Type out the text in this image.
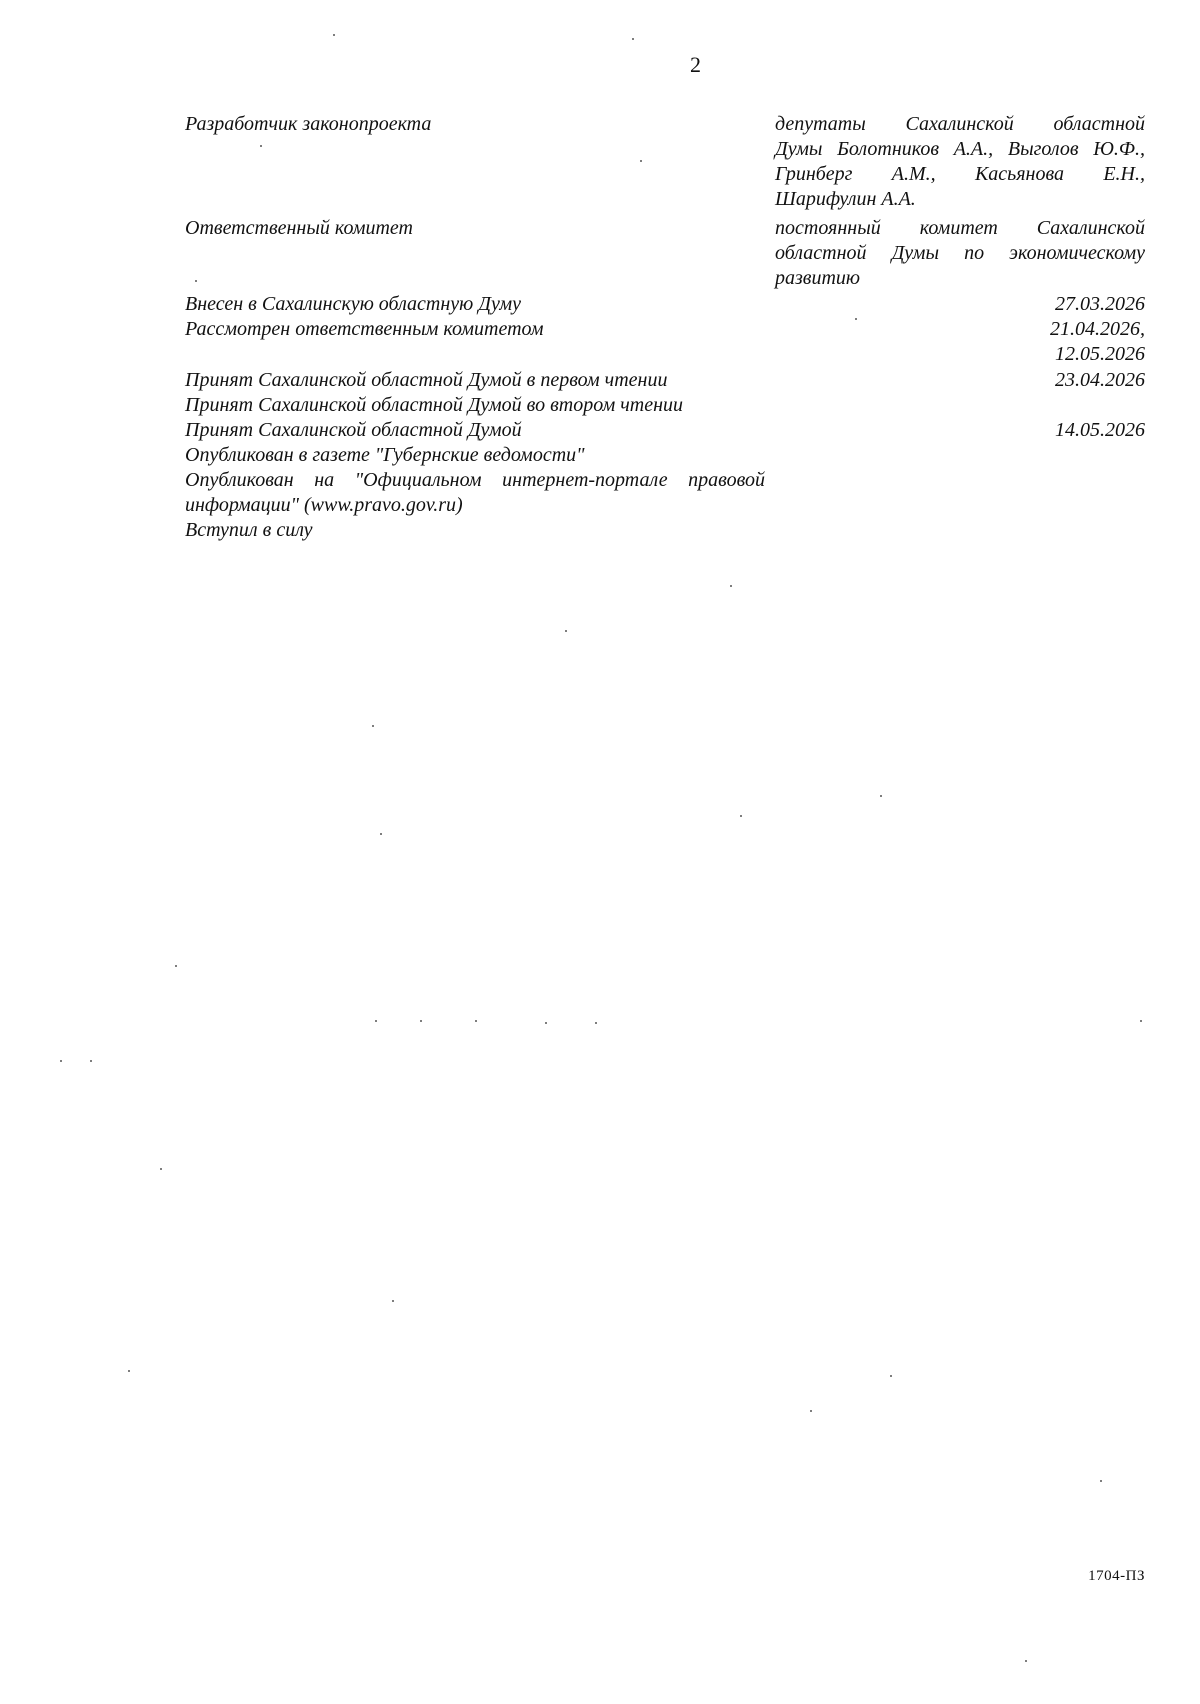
2
Разработчик законопроекта	депутаты Сахалинской областной
Думы Болотников А.А., Выголов Ю.Ф.,
Гринберг А.М., Касьянова Е.Н.,
Шарифулин А.А.
Ответственный комитет	постоянный комитет Сахалинской
областной Думы по экономическому
развитию
Внесен в Сахалинскую областную Думу	27.03.2026
Рассмотрен ответственным комитетом	21.04.2026,
12.05.2026
Принят Сахалинской областной Думой в первом чтении	23.04.2026
Принят Сахалинской областной Думой во втором чтении
Принят Сахалинской областной Думой	14.05.2026
Опубликован в газете "Губернские ведомости"
Опубликован на "Официальном интернет-портале правовой
информации" (www.pravo.gov.ru)
Вступил в силу
1704-ПЗ
